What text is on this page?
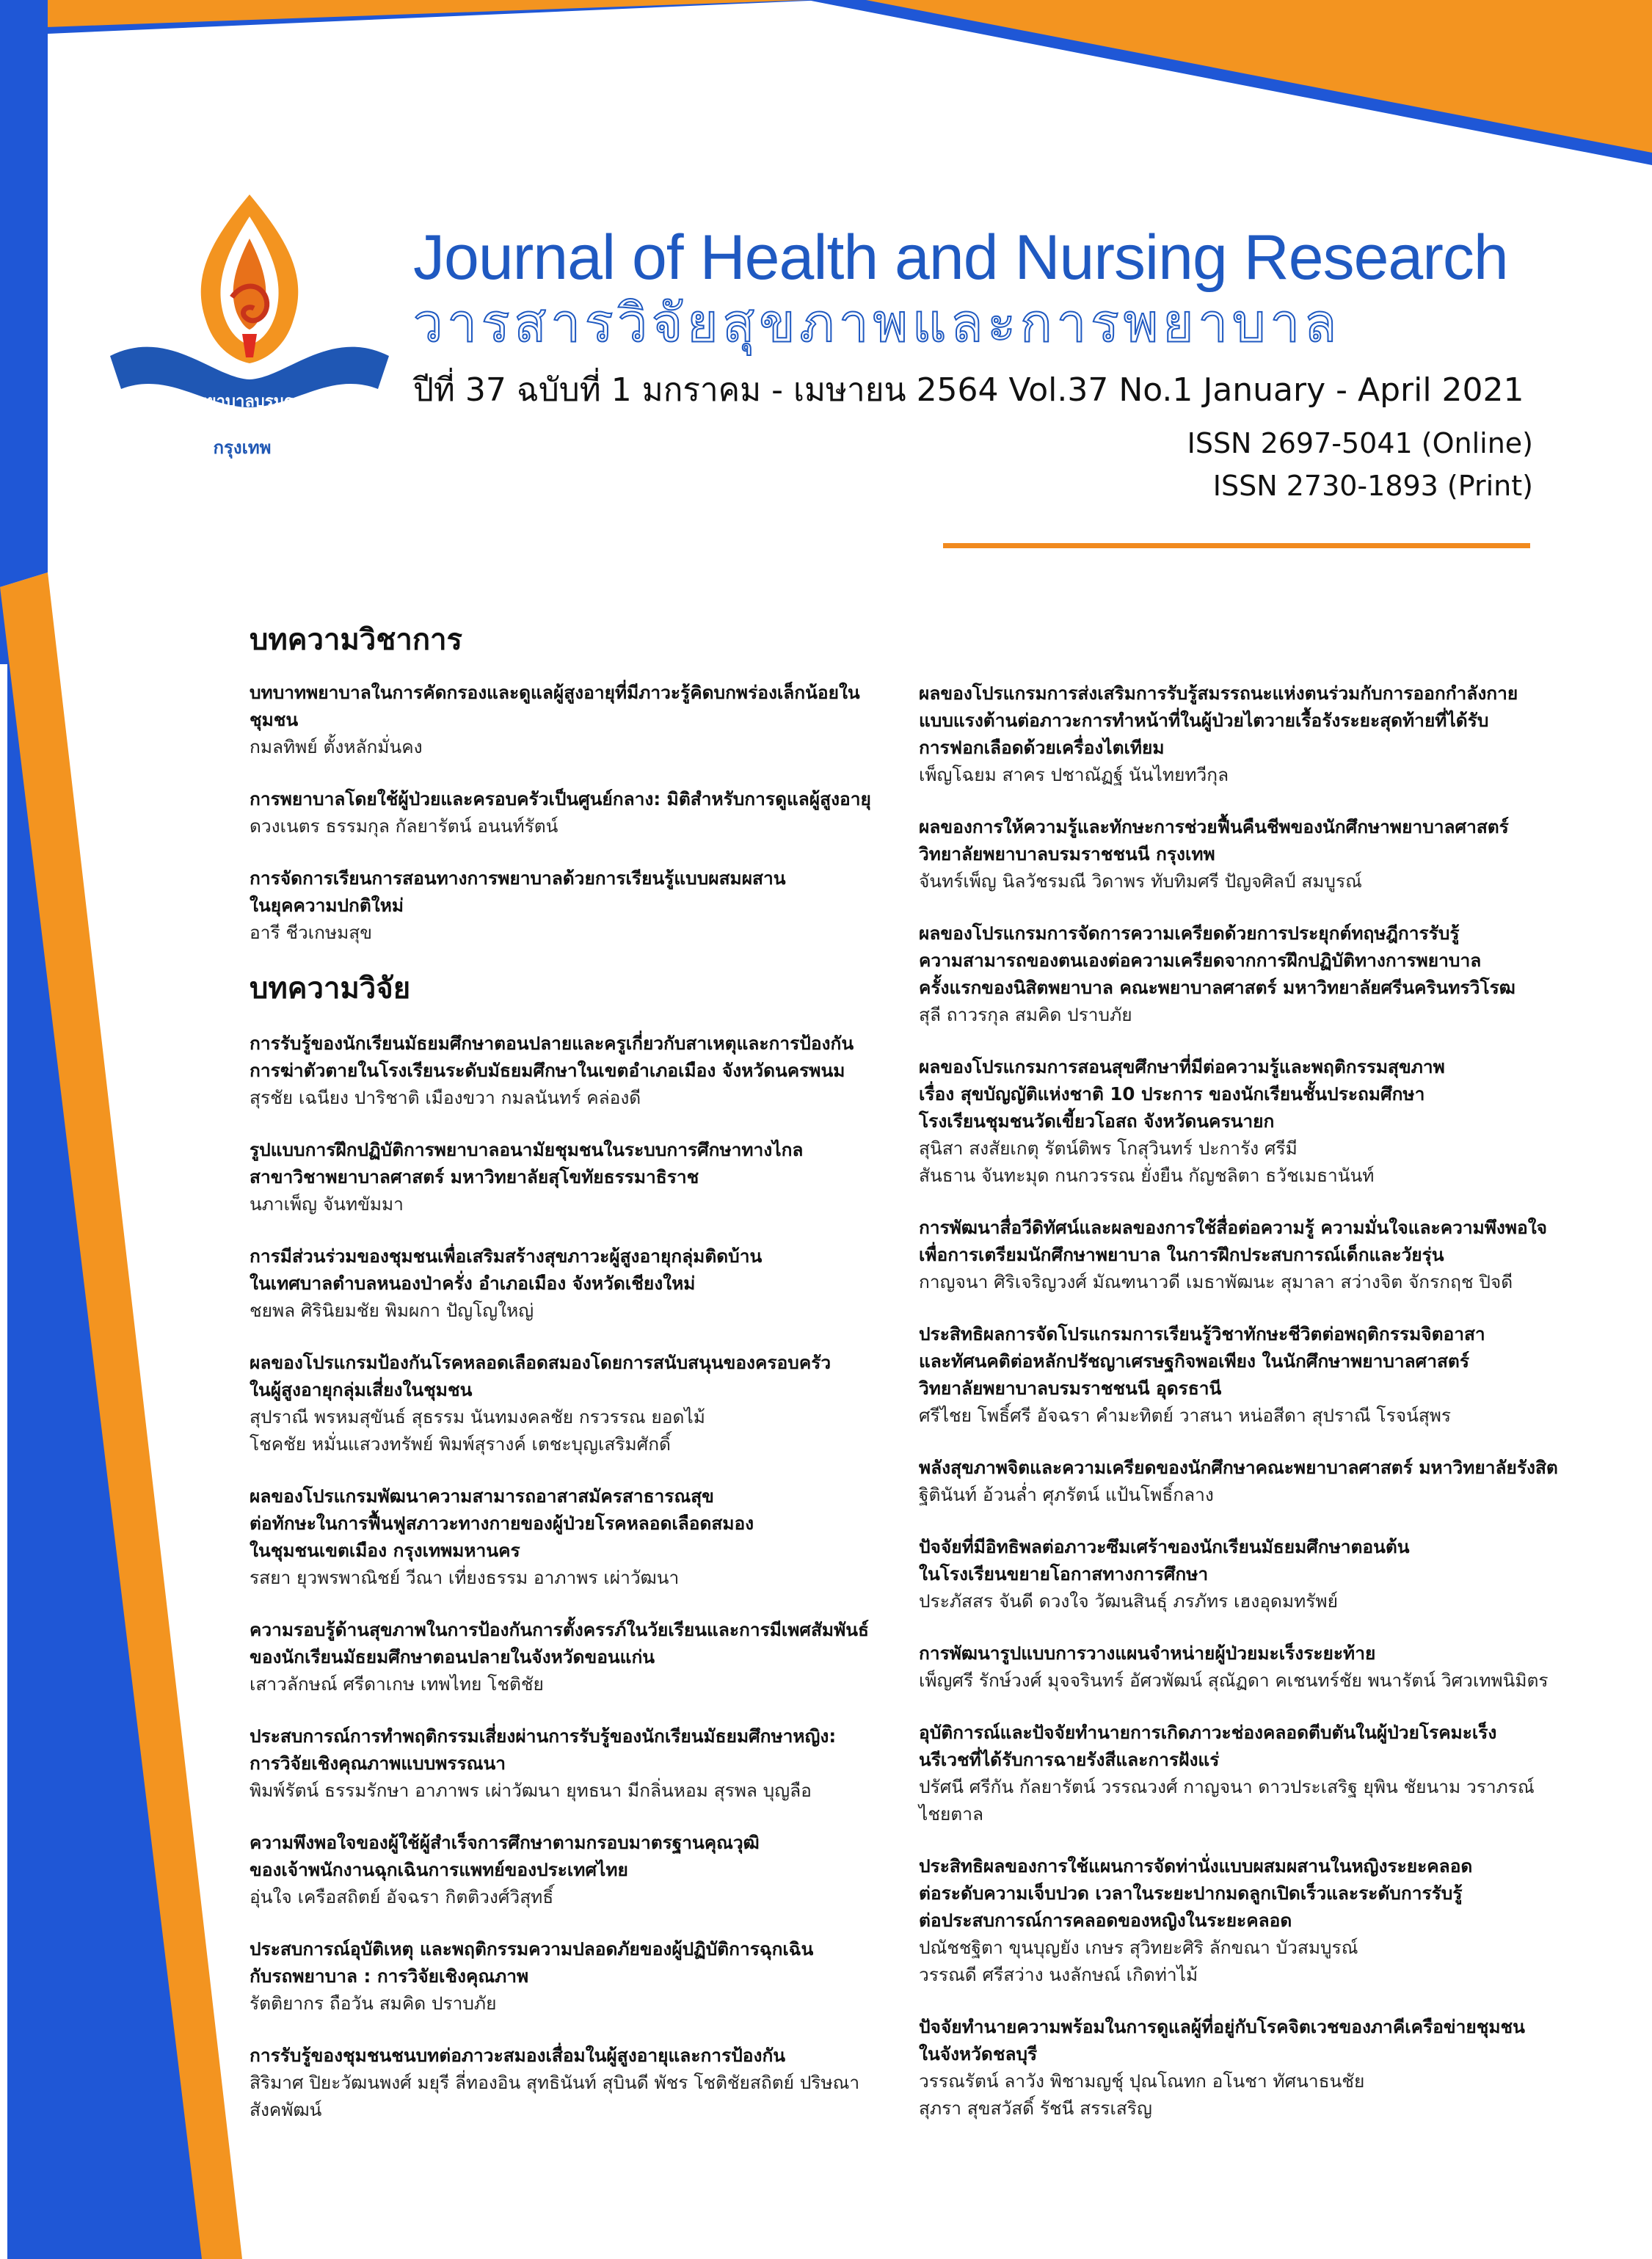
วิทยาลัยพยาบาลบรมราชชนนี
กรุงเทพ
Journal of Health and Nursing Research
วารสารวิจัยสุขภาพและการพยาบาล
ปีที่ 37 ฉบับที่ 1 มกราคม - เมษายน 2564 Vol.37 No.1 January - April 2021
ISSN 2697-5041 (Online)
ISSN 2730-1893 (Print)
บทความวิชาการ
บทบาทพยาบาลในการคัดกรองและดูแลผู้สูงอายุที่มีภาวะรู้คิดบกพร่องเล็กน้อยในชุมชน
กมลทิพย์ ตั้งหลักมั่นคง
การพยาบาลโดยใช้ผู้ป่วยและครอบครัวเป็นศูนย์กลาง: มิติสำหรับการดูแลผู้สูงอายุ
ดวงเนตร ธรรมกุล กัลยารัตน์ อนนท์รัตน์
การจัดการเรียนการสอนทางการพยาบาลด้วยการเรียนรู้แบบผสมผสาน
ในยุคความปกติใหม่
อารี ชีวเกษมสุข
บทความวิจัย
การรับรู้ของนักเรียนมัธยมศึกษาตอนปลายและครูเกี่ยวกับสาเหตุและการป้องกัน
การฆ่าตัวตายในโรงเรียนระดับมัธยมศึกษาในเขตอำเภอเมือง จังหวัดนครพนม
สุรชัย เฉนียง ปาริชาติ เมืองขวา กมลนันทร์ คล่องดี
รูปแบบการฝึกปฏิบัติการพยาบาลอนามัยชุมชนในระบบการศึกษาทางไกล
สาขาวิชาพยาบาลศาสตร์ มหาวิทยาลัยสุโขทัยธรรมาธิราช
นภาเพ็ญ จันทขัมมา
การมีส่วนร่วมของชุมชนเพื่อเสริมสร้างสุขภาวะผู้สูงอายุกลุ่มติดบ้าน
ในเทศบาลตำบลหนองป่าครั่ง อำเภอเมือง จังหวัดเชียงใหม่
ชยพล ศิรินิยมชัย พิมผกา ปัญโญใหญ่
ผลของโปรแกรมป้องกันโรคหลอดเลือดสมองโดยการสนับสนุนของครอบครัว
ในผู้สูงอายุกลุ่มเสี่ยงในชุมชน
สุปราณี พรหมสุขันธ์ สุธรรม นันทมงคลชัย กรวรรณ ยอดไม้
โชคชัย หมั่นแสวงทรัพย์ พิมพ์สุรางค์ เตชะบุญเสริมศักดิ์
ผลของโปรแกรมพัฒนาความสามารถอาสาสมัครสาธารณสุข
ต่อทักษะในการฟื้นฟูสภาวะทางกายของผู้ป่วยโรคหลอดเลือดสมอง
ในชุมชนเขตเมือง กรุงเทพมหานคร
รสยา ยุวพรพาณิชย์ วีณา เที่ยงธรรม อาภาพร เผ่าวัฒนา
ความรอบรู้ด้านสุขภาพในการป้องกันการตั้งครรภ์ในวัยเรียนและการมีเพศสัมพันธ์
ของนักเรียนมัธยมศึกษาตอนปลายในจังหวัดขอนแก่น
เสาวลักษณ์ ศรีดาเกษ เทพไทย โชติชัย
ประสบการณ์การทำพฤติกรรมเสี่ยงผ่านการรับรู้ของนักเรียนมัธยมศึกษาหญิง:
การวิจัยเชิงคุณภาพแบบพรรณนา
พิมพ์รัตน์ ธรรมรักษา อาภาพร เผ่าวัฒนา ยุทธนา มีกลิ่นหอม สุรพล บุญลือ
ความพึงพอใจของผู้ใช้ผู้สำเร็จการศึกษาตามกรอบมาตรฐานคุณวุฒิ
ของเจ้าพนักงานฉุกเฉินการแพทย์ของประเทศไทย
อุ่นใจ เครือสถิตย์ อัจฉรา กิตติวงศ์วิสุทธิ์
ประสบการณ์อุบัติเหตุ และพฤติกรรมความปลอดภัยของผู้ปฏิบัติการฉุกเฉิน
กับรถพยาบาล : การวิจัยเชิงคุณภาพ
รัตติยากร ถือวัน สมคิด ปราบภัย
การรับรู้ของชุมชนชนบทต่อภาวะสมองเสื่อมในผู้สูงอายุและการป้องกัน
สิริมาศ ปิยะวัฒนพงศ์ มยุรี ลี่ทองอิน สุทธินันท์ สุบินดี พัชร โชติชัยสถิตย์ ปริษณา สังคพัฒน์
ผลของโปรแกรมการส่งเสริมการรับรู้สมรรถนะแห่งตนร่วมกับการออกกำลังกาย
แบบแรงต้านต่อภาวะการทำหน้าที่ในผู้ป่วยไตวายเรื้อรังระยะสุดท้ายที่ได้รับ
การฟอกเลือดด้วยเครื่องไตเทียม
เพ็ญโฉยม สาคร ปชาณัฏฐ์ นันไทยทวีกุล
ผลของการให้ความรู้และทักษะการช่วยฟื้นคืนชีพของนักศึกษาพยาบาลศาสตร์
วิทยาลัยพยาบาลบรมราชชนนี กรุงเทพ
จันทร์เพ็ญ นิลวัชรมณี วิดาพร ทับทิมศรี ปัญจศิลป์ สมบูรณ์
ผลของโปรแกรมการจัดการความเครียดด้วยการประยุกต์ทฤษฎีการรับรู้
ความสามารถของตนเองต่อความเครียดจากการฝึกปฏิบัติทางการพยาบาล
ครั้งแรกของนิสิตพยาบาล คณะพยาบาลศาสตร์ มหาวิทยาลัยศรีนครินทรวิโรฒ
สุลี ถาวรกุล สมคิด ปราบภัย
ผลของโปรแกรมการสอนสุขศึกษาที่มีต่อความรู้และพฤติกรรมสุขภาพ
เรื่อง สุขบัญญัติแห่งชาติ 10 ประการ ของนักเรียนชั้นประถมศึกษา
โรงเรียนชุมชนวัดเขี้ยวโอสถ จังหวัดนครนายก
สุนิสา สงสัยเกตุ รัตน์ติพร โกสุวินทร์ ปะการัง ศรีมี
สันธาน จันทะมุด กนกวรรณ ยั่งยืน กัญชลิตา ธวัชเมธานันท์
การพัฒนาสื่อวีดิทัศน์และผลของการใช้สื่อต่อความรู้ ความมั่นใจและความพึงพอใจ
เพื่อการเตรียมนักศึกษาพยาบาล ในการฝึกประสบการณ์เด็กและวัยรุ่น
กาญจนา ศิริเจริญวงศ์ มัณฑนาวดี เมธาพัฒนะ สุมาลา สว่างจิต จักรกฤช ปิจดี
ประสิทธิผลการจัดโปรแกรมการเรียนรู้วิชาทักษะชีวิตต่อพฤติกรรมจิตอาสา
และทัศนคติต่อหลักปรัชญาเศรษฐกิจพอเพียง ในนักศึกษาพยาบาลศาสตร์
วิทยาลัยพยาบาลบรมราชชนนี อุดรธานี
ศรีไชย โพธิ์ศรี อัจฉรา คำมะทิตย์ วาสนา หน่อสีดา สุปราณี โรจน์สุพร
พลังสุขภาพจิตและความเครียดของนักศึกษาคณะพยาบาลศาสตร์ มหาวิทยาลัยรังสิต
ฐิตินันท์ อ้วนล่ำ ศุภรัตน์ แป้นโพธิ์กลาง
ปัจจัยที่มีอิทธิพลต่อภาวะซึมเศร้าของนักเรียนมัธยมศึกษาตอนต้น
ในโรงเรียนขยายโอกาสทางการศึกษา
ประภัสสร จันดี ดวงใจ วัฒนสินธุ์ ภรภัทร เฮงอุดมทรัพย์
การพัฒนารูปแบบการวางแผนจำหน่ายผู้ป่วยมะเร็งระยะท้าย
เพ็ญศรี รักษ์วงศ์ มุจจรินทร์ อัศวพัฒน์ สุณัฏดา คเชนทร์ชัย พนารัตน์ วิศวเทพนิมิตร
อุบัติการณ์และปัจจัยทำนายการเกิดภาวะช่องคลอดตีบตันในผู้ป่วยโรคมะเร็ง
นรีเวชที่ได้รับการฉายรังสีและการฝังแร่
ปรัศนี ศรีกัน กัลยารัตน์ วรรณวงศ์ กาญจนา ดาวประเสริฐ ยุพิน ชัยนาม วราภรณ์ ไชยตาล
ประสิทธิผลของการใช้แผนการจัดท่านั่งแบบผสมผสานในหญิงระยะคลอด
ต่อระดับความเจ็บปวด เวลาในระยะปากมดลูกเปิดเร็วและระดับการรับรู้
ต่อประสบการณ์การคลอดของหญิงในระยะคลอด
ปณัชชฐิตา ขุนบุญยัง เกษร สุวิทยะศิริ ลักขณา บัวสมบูรณ์
วรรณดี ศรีสว่าง นงลักษณ์ เกิดท่าไม้
ปัจจัยทำนายความพร้อมในการดูแลผู้ที่อยู่กับโรคจิตเวชของภาคีเครือข่ายชุมชน
ในจังหวัดชลบุรี
วรรณรัตน์ ลาวัง พิชามญชุ์ ปุณโณทก อโนชา ทัศนาธนชัย
สุภรา สุขสวัสดิ์ รัชนี สรรเสริญ
